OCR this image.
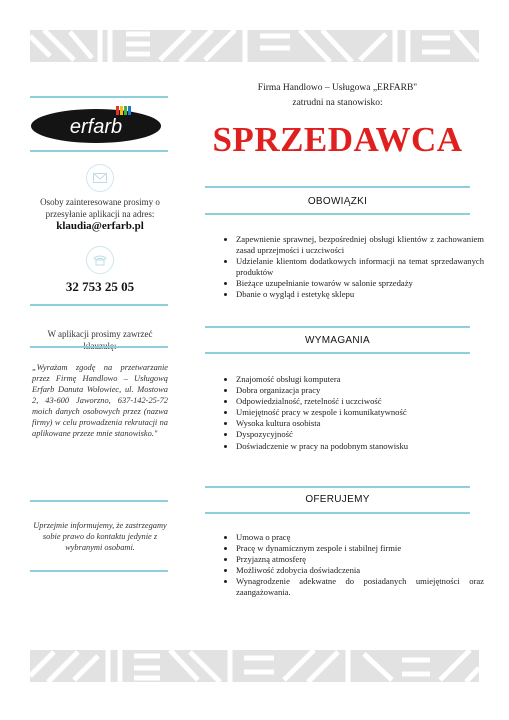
erfarb
Osoby zainteresowane prosimy o przesyłanie aplikacji na adres:
klaudia@erfarb.pl
32 753 25 05
W aplikacji prosimy zawrzeć
„Wyrażam zgodę na przetwarzanie przez Firmę Handlowo – Usługową Erfarb Danuta Wołowiec, ul. Mostowa 2, 43-600 Jaworzno, 637-142-25-72 moich danych osobowych przez (nazwa firmy) w celu prowadzenia rekrutacji na aplikowane przeze mnie stanowisko."
Uprzejmie informujemy, że zastrzegamy sobie prawo do kontaktu jedynie z wybranymi osobami.
Firma Handlowo – Usługowa „ERFARB"
zatrudni na stanowisko:
SPRZEDAWCA
OBOWIĄZKI
• Zapewnienie sprawnej, bezpośredniej obsługi klientów z zachowaniem zasad uprzejmości i uczciwości
• Udzielanie klientom dodatkowych informacji na temat sprzedawanych produktów
• Bieżące uzupełnianie towarów w salonie sprzedaży
• Dbanie o wygląd i estetykę sklepu
WYMAGANIA
• Znajomość obsługi komputera
• Dobra organizacja pracy
• Odpowiedzialność, rzetelność i uczciwość
• Umiejętność pracy w zespole i komunikatywność
• Wysoka kultura osobista
• Dyspozycyjność
• Doświadczenie w pracy na podobnym stanowisku
OFERUJEMY
• Umowa o pracę
• Pracę w dynamicznym zespole i stabilnej firmie
• Przyjazną atmosferę
• Możliwość zdobycia doświadczenia
• Wynagrodzenie adekwatne do posiadanych umiejętności oraz zaangażowania.
